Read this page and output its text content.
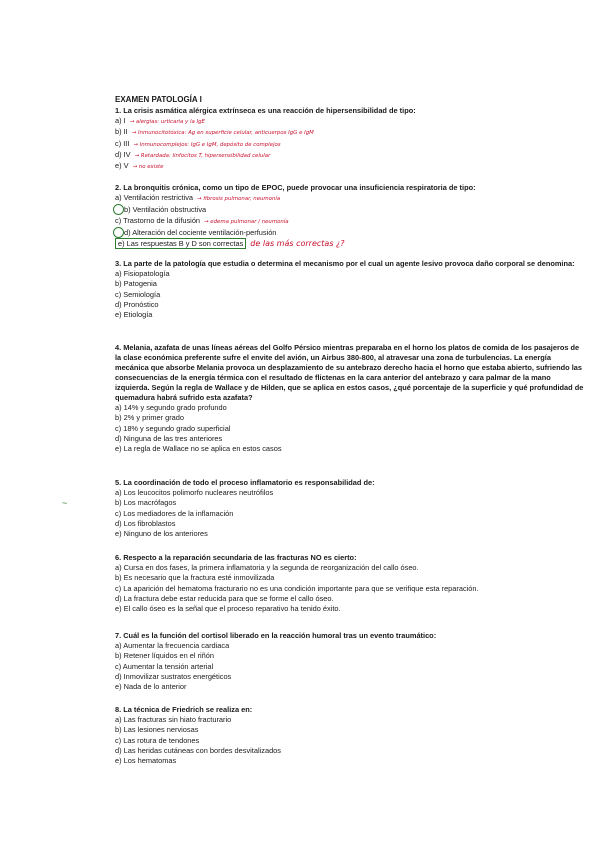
EXAMEN PATOLOGÍA I

1. La crisis asmática alérgica extrínseca es una reacción de hipersensibilidad de tipo:

a) I → alergias: urticaria y la IgE

b) II → Inmunocitotóxica: Ag en superficie celular, anticuerpos IgG e IgM

c) III → Inmunocomplejos: IgG e IgM, depósito de complejos

d) IV → Retardada: linfocitos T, hipersensibilidad celular

e) V → no existe

2. La bronquitis crónica, como un tipo de EPOC, puede provocar una insuficiencia respiratoria de tipo:

a) Ventilación restrictiva → fibrosis pulmonar, neumonía

b) Ventilación obstructiva

c) Trastorno de la difusión → edema pulmonar / neumonía

d) Alteración del cociente ventilación-perfusión

e) Las respuestas B y D son correctas de las más correctas ¿?

3. La parte de la patología que estudia o determina el mecanismo por el cual un agente lesivo provoca daño corporal se denomina:

a) Fisiopatología

b) Patogenia

c) Semiología

d) Pronóstico

e) Etiología

4. Melania, azafata de unas líneas aéreas del Golfo Pérsico mientras preparaba en el horno los platos de comida de los pasajeros de la clase económica preferente sufre el envite del avión, un Airbus 380-800, al atravesar una zona de turbulencias. La energía mecánica que absorbe Melania provoca un desplazamiento de su antebrazo derecho hacia el horno que estaba abierto, sufriendo las consecuencias de la energía térmica con el resultado de flictenas en la cara anterior del antebrazo y cara palmar de la mano izquierda. Según la regla de Wallace y de Hilden, que se aplica en estos casos, ¿qué porcentaje de la superficie y qué profundidad de quemadura habrá sufrido esta azafata?

a) 14% y segundo grado profundo

b) 2% y primer grado

c) 18% y segundo grado superficial

d) Ninguna de las tres anteriores

e) La regla de Wallace no se aplica en estos casos

5. La coordinación de todo el proceso inflamatorio es responsabilidad de:

a) Los leucocitos polimorfo nucleares neutrófilos

b) Los macrófagos

c) Los mediadores de la inflamación

d) Los fibroblastos

e) Ninguno de los anteriores

~

6. Respecto a la reparación secundaria de las fracturas NO es cierto:

a) Cursa en dos fases, la primera inflamatoria y la segunda de reorganización del callo óseo.

b) Es necesario que la fractura esté inmovilizada

c) La aparición del hematoma fracturario no es una condición importante para que se verifique esta reparación.

d) La fractura debe estar reducida para que se forme el callo óseo.

e) El callo óseo es la señal que el proceso reparativo ha tenido éxito.

7. Cuál es la función del cortisol liberado en la reacción humoral tras un evento traumático:

a) Aumentar la frecuencia cardiaca

b) Retener líquidos en el riñón

c) Aumentar la tensión arterial

d) Inmovilizar sustratos energéticos

e) Nada de lo anterior

8. La técnica de Friedrich se realiza en:

a) Las fracturas sin hiato fracturario

b) Las lesiones nerviosas

c) Las rotura de tendones

d) Las heridas cutáneas con bordes desvitalizados

e) Los hematomas
